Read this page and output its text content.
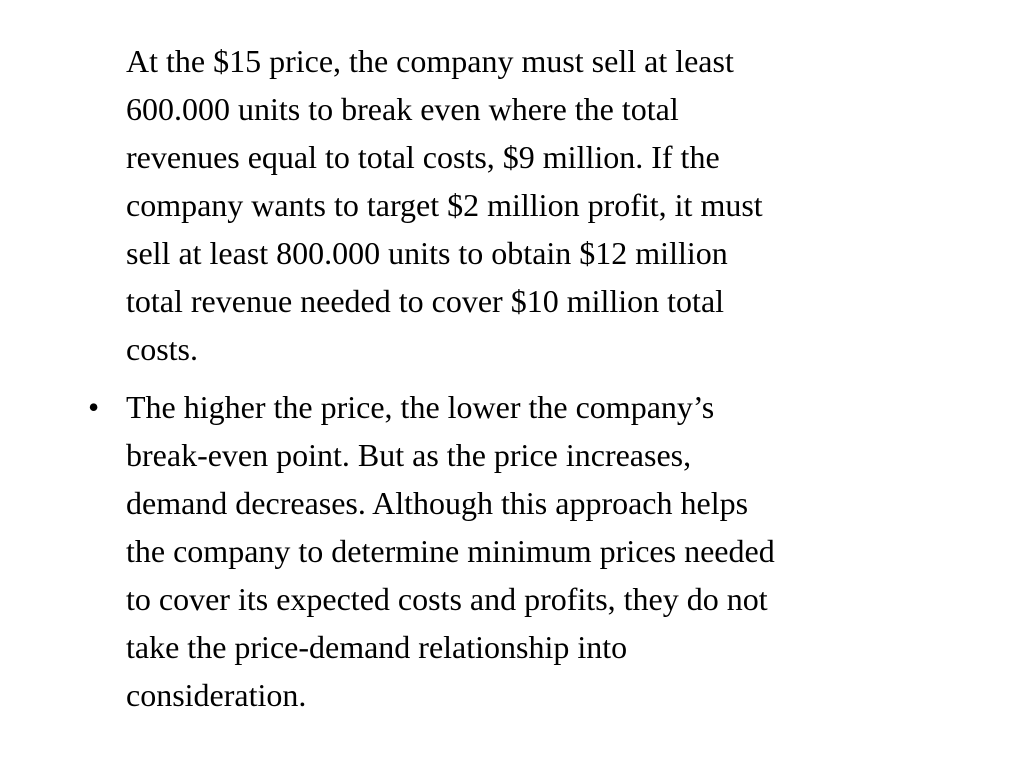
At the $15 price, the company must sell at least
600.000 units to break even where the total
revenues equal to total costs, $9 million. If the
company wants to target $2 million profit, it must
sell at least 800.000 units to obtain $12 million
total revenue needed to cover $10 million total
costs.

• The higher the price, the lower the company’s
break-even point. But as the price increases,
demand decreases. Although this approach helps
the company to determine minimum prices needed
to cover its expected costs and profits, they do not
take the price-demand relationship into
consideration.
